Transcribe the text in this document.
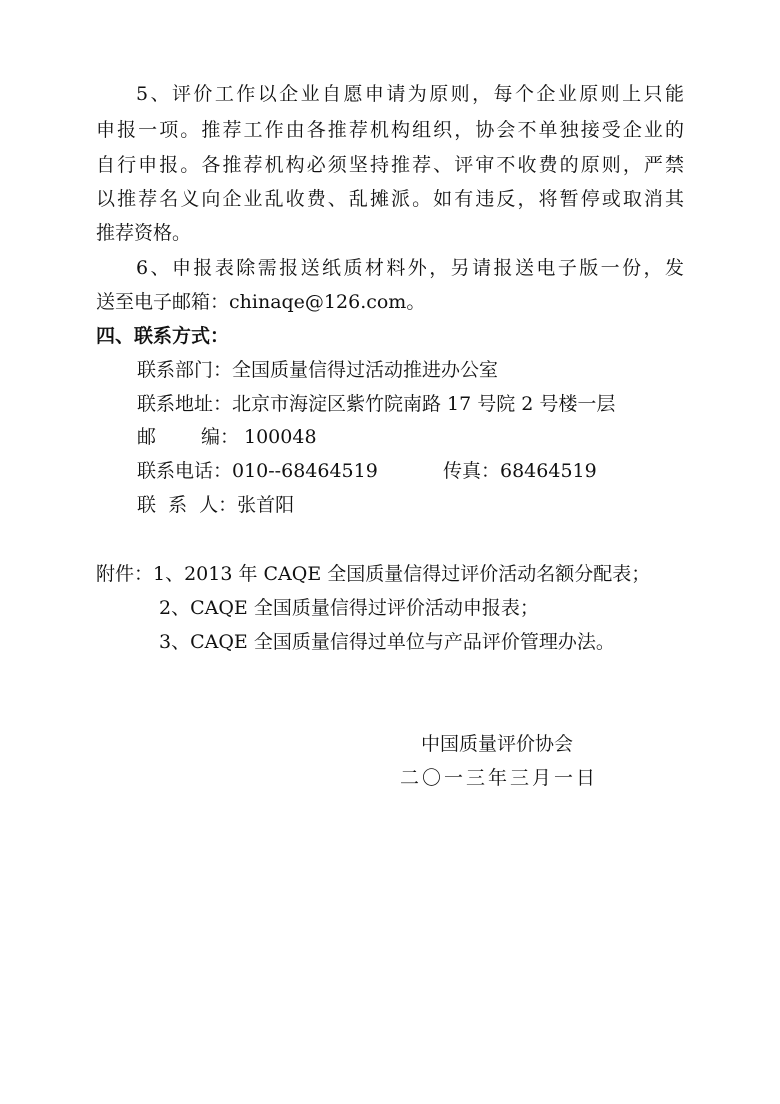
5、评价工作以企业自愿申请为原则，每个企业原则上只能
申报一项。推荐工作由各推荐机构组织，协会不单独接受企业的
自行申报。各推荐机构必须坚持推荐、评审不收费的原则，严禁
以推荐名义向企业乱收费、乱摊派。如有违反，将暂停或取消其
推荐资格。
6、申报表除需报送纸质材料外，另请报送电子版一份，发
送至电子邮箱：chinaqe@126.com。
四、联系方式：
联系部门：全国质量信得过活动推进办公室
联系地址：北京市海淀区紫竹院南路 17 号院 2 号楼一层
邮 编： 100048
联系电话：010--68464519	传真：68464519
联  系  人：张首阳
附件：1、2013 年 CAQE 全国质量信得过评价活动名额分配表；
2、CAQE 全国质量信得过评价活动申报表；
3、CAQE 全国质量信得过单位与产品评价管理办法。
中国质量评价协会
二〇一三年三月一日
